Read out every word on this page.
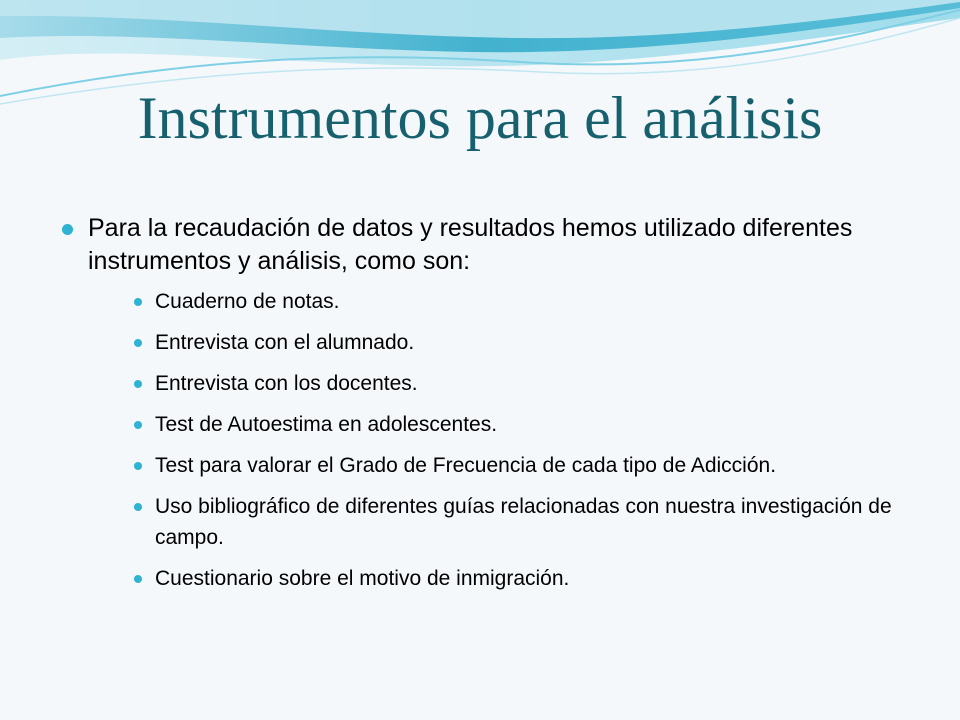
Instrumentos para el análisis
Para la recaudación de datos y resultados hemos utilizado diferentes instrumentos y análisis, como son:
Cuaderno de notas.
Entrevista con el alumnado.
Entrevista con los docentes.
Test de Autoestima en adolescentes.
Test para valorar el Grado de Frecuencia de cada tipo de Adicción.
Uso bibliográfico de diferentes guías relacionadas con nuestra investigación de campo.
Cuestionario sobre el motivo de inmigración.
